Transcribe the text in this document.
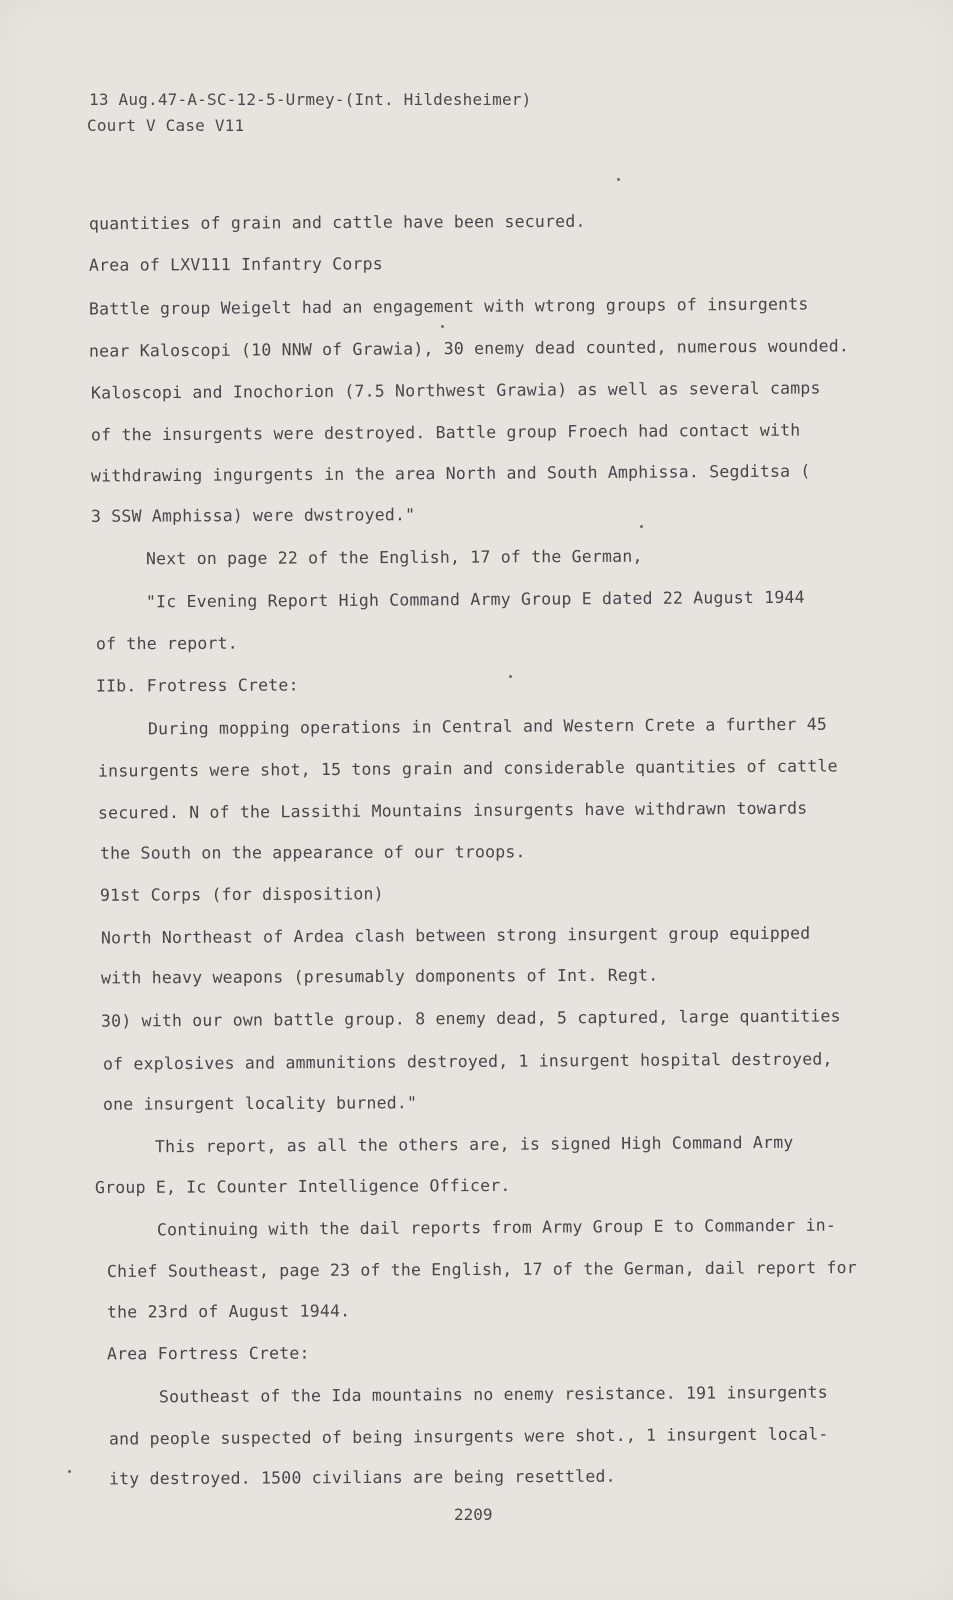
13 Aug.47-A-SC-12-5-Urmey-(Int. Hildesheimer)
Court V Case V11
quantities of grain and cattle have been secured.
Area of LXV111 Infantry Corps
Battle group Weigelt had an engagement with wtrong groups of insurgents
near Kaloscopi (10 NNW of Grawia), 30 enemy dead counted, numerous wounded.
Kaloscopi and Inochorion (7.5 Northwest Grawia) as well as several camps
of the insurgents were destroyed. Battle group Froech had contact with
withdrawing ingurgents in the area North and South Amphissa. Segditsa (
3 SSW Amphissa) were dwstroyed."
Next on page 22 of the English, 17 of the German,
"Ic Evening Report High Command Army Group E dated 22 August 1944
of the report.
IIb. Frotress Crete:
During mopping operations in Central and Western Crete a further 45
insurgents were shot, 15 tons grain and considerable quantities of cattle
secured. N of the Lassithi Mountains insurgents have withdrawn towards
the South on the appearance of our troops.
91st Corps (for disposition)
North Northeast of Ardea clash between strong insurgent group equipped
with heavy weapons (presumably domponents of Int. Regt.
30) with our own battle group. 8 enemy dead, 5 captured, large quantities
of explosives and ammunitions destroyed, 1 insurgent hospital destroyed,
one insurgent locality burned."
This report, as all the others are, is signed High Command Army
Group E, Ic Counter Intelligence Officer.
Continuing with the dail reports from Army Group E to Commander in-
Chief Southeast, page 23 of the English, 17 of the German, dail report for
the 23rd of August 1944.
Area Fortress Crete:
Southeast of the Ida mountains no enemy resistance. 191 insurgents
and people suspected of being insurgents were shot., 1 insurgent local-
ity destroyed. 1500 civilians are being resettled.
2209
